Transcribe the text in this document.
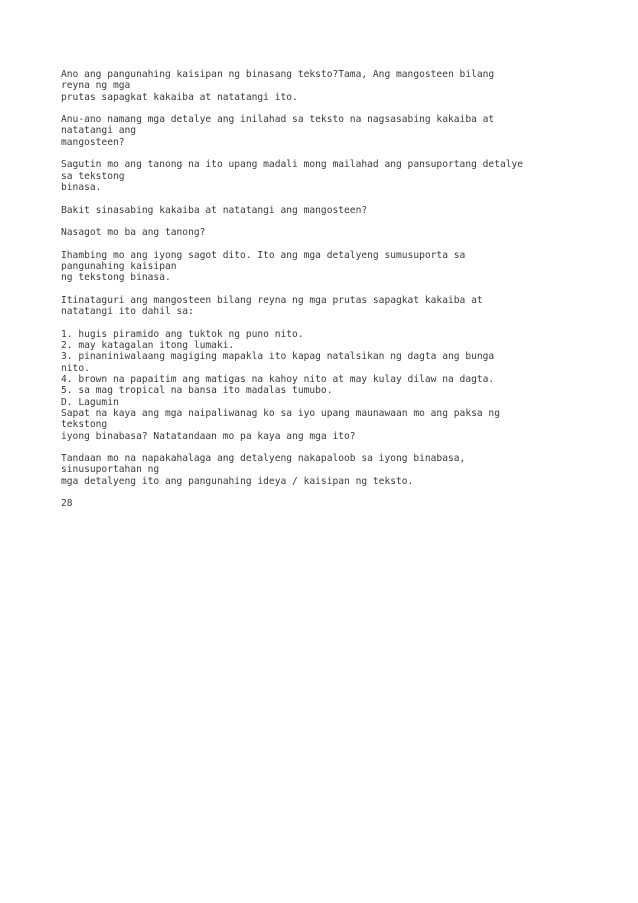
Ano ang pangunahing kaisipan ng binasang teksto?Tama, Ang mangosteen bilang
reyna ng mga
prutas sapagkat kakaiba at natatangi ito.

Anu-ano namang mga detalye ang inilahad sa teksto na nagsasabing kakaiba at
natatangi ang
mangosteen?

Sagutin mo ang tanong na ito upang madali mong mailahad ang pansuportang detalye
sa tekstong
binasa.

Bakit sinasabing kakaiba at natatangi ang mangosteen?

Nasagot mo ba ang tanong?

Ihambing mo ang iyong sagot dito. Ito ang mga detalyeng sumusuporta sa
pangunahing kaisipan
ng tekstong binasa.

Itinataguri ang mangosteen bilang reyna ng mga prutas sapagkat kakaiba at
natatangi ito dahil sa:

1. hugis piramido ang tuktok ng puno nito.
2. may katagalan itong lumaki.
3. pinaniniwalaang magiging mapakla ito kapag natalsikan ng dagta ang bunga
nito.
4. brown na papaitim ang matigas na kahoy nito at may kulay dilaw na dagta.
5. sa mag tropical na bansa ito madalas tumubo.
D. Lagumin
Sapat na kaya ang mga naipaliwanag ko sa iyo upang maunawaan mo ang paksa ng
tekstong
iyong binabasa? Natatandaan mo pa kaya ang mga ito?

Tandaan mo na napakahalaga ang detalyeng nakapaloob sa iyong binabasa,
sinusuportahan ng
mga detalyeng ito ang pangunahing ideya / kaisipan ng teksto.

28
